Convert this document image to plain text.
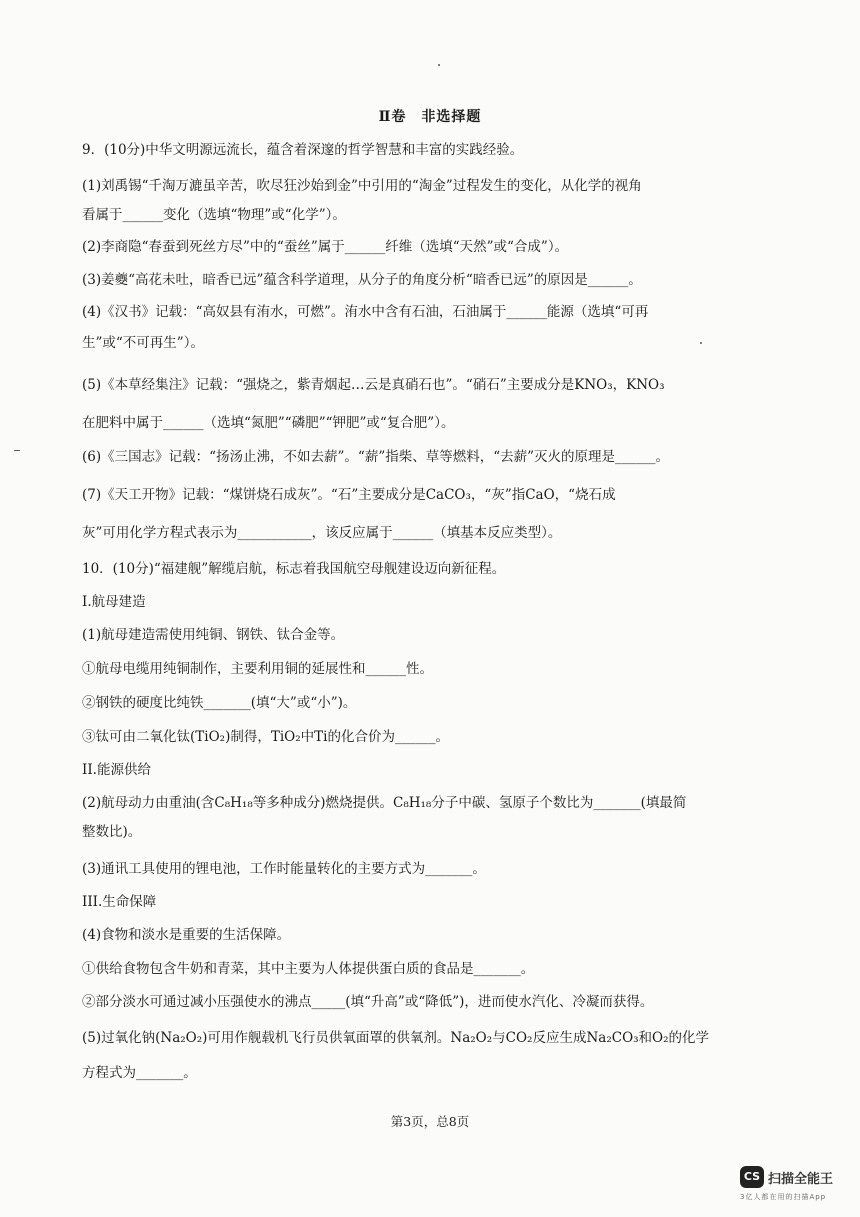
Ⅱ卷　非选择题
9．(10分)中华文明源远流长，蕴含着深邃的哲学智慧和丰富的实践经验。
(1)刘禹锡“千淘万漉虽辛苦，吹尽狂沙始到金”中引用的“淘金”过程发生的变化，从化学的视角
看属于______变化（选填“物理”或“化学”）。
(2)李商隐“春蚕到死丝方尽”中的“蚕丝”属于______纤维（选填“天然”或“合成”）。
(3)姜夔“高花未吐，暗香已远”蕴含科学道理，从分子的角度分析“暗香已远”的原因是______。
(4)《汉书》记载：“高奴县有洧水，可燃”。洧水中含有石油，石油属于______能源（选填“可再
生”或“不可再生”）。
(5)《本草经集注》记载：“强烧之，紫青烟起…云是真硝石也”。“硝石”主要成分是KNO₃，KNO₃
在肥料中属于______（选填“氮肥”“磷肥”“钾肥”或“复合肥”）。
(6)《三国志》记载：“扬汤止沸，不如去薪”。“薪”指柴、草等燃料，“去薪”灭火的原理是______。
(7)《天工开物》记载：“煤饼烧石成灰”。“石”主要成分是CaCO₃，“灰”指CaO，“烧石成
灰”可用化学方程式表示为___________，该反应属于______（填基本反应类型）。
10．(10分)“福建舰”解缆启航，标志着我国航空母舰建设迈向新征程。
I.航母建造
(1)航母建造需使用纯铜、钢铁、钛合金等。
①航母电缆用纯铜制作，主要利用铜的延展性和______性。
②钢铁的硬度比纯铁_______(填“大”或“小”)。
③钛可由二氧化钛(TiO₂)制得，TiO₂中Ti的化合价为______。
II.能源供给
(2)航母动力由重油(含C₈H₁₈等多种成分)燃烧提供。C₈H₁₈分子中碳、氢原子个数比为_______(填最简
整数比)。
(3)通讯工具使用的锂电池，工作时能量转化的主要方式为_______。
III.生命保障
(4)食物和淡水是重要的生活保障。
①供给食物包含牛奶和青菜，其中主要为人体提供蛋白质的食品是_______。
②部分淡水可通过减小压强使水的沸点_____(填“升高”或“降低”)，进而使水汽化、冷凝而获得。
(5)过氧化钠(Na₂O₂)可用作舰载机飞行员供氧面罩的供氧剂。Na₂O₂与CO₂反应生成Na₂CO₃和O₂的化学
方程式为_______。
第3页，总8页
CS 扫描全能王
3亿人都在用的扫描App
